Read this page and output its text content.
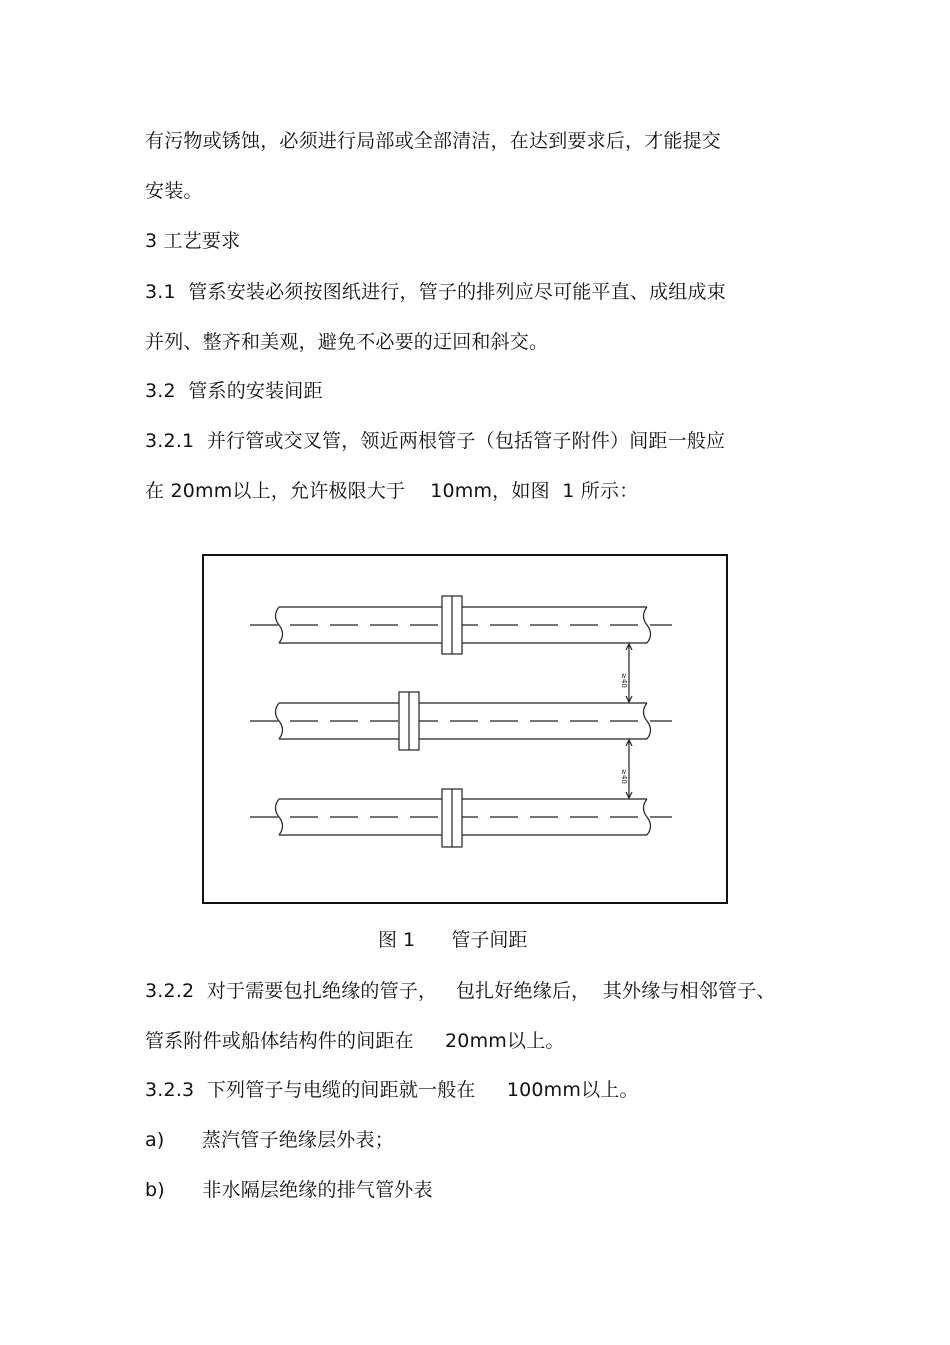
有污物或锈蚀，必须进行局部或全部清洁，在达到要求后，才能提交
安装。
3 工艺要求
3.1  管系安装必须按图纸进行，管子的排列应尽可能平直、成组成束
并列、整齐和美观，避免不必要的迂回和斜交。
3.2  管系的安装间距
3.2.1  并行管或交叉管，领近两根管子（包括管子附件）间距一般应
在 20mm以上，允许极限大于    10mm，如图  1 所示：
≥40
≥40
图 1      管子间距
3.2.2  对于需要包扎绝缘的管子，   包扎好绝缘后，  其外缘与相邻管子、
管系附件或船体结构件的间距在     20mm以上。
3.2.3  下列管子与电缆的间距就一般在     100mm以上。
a)      蒸汽管子绝缘层外表；
b)      非水隔层绝缘的排气管外表
